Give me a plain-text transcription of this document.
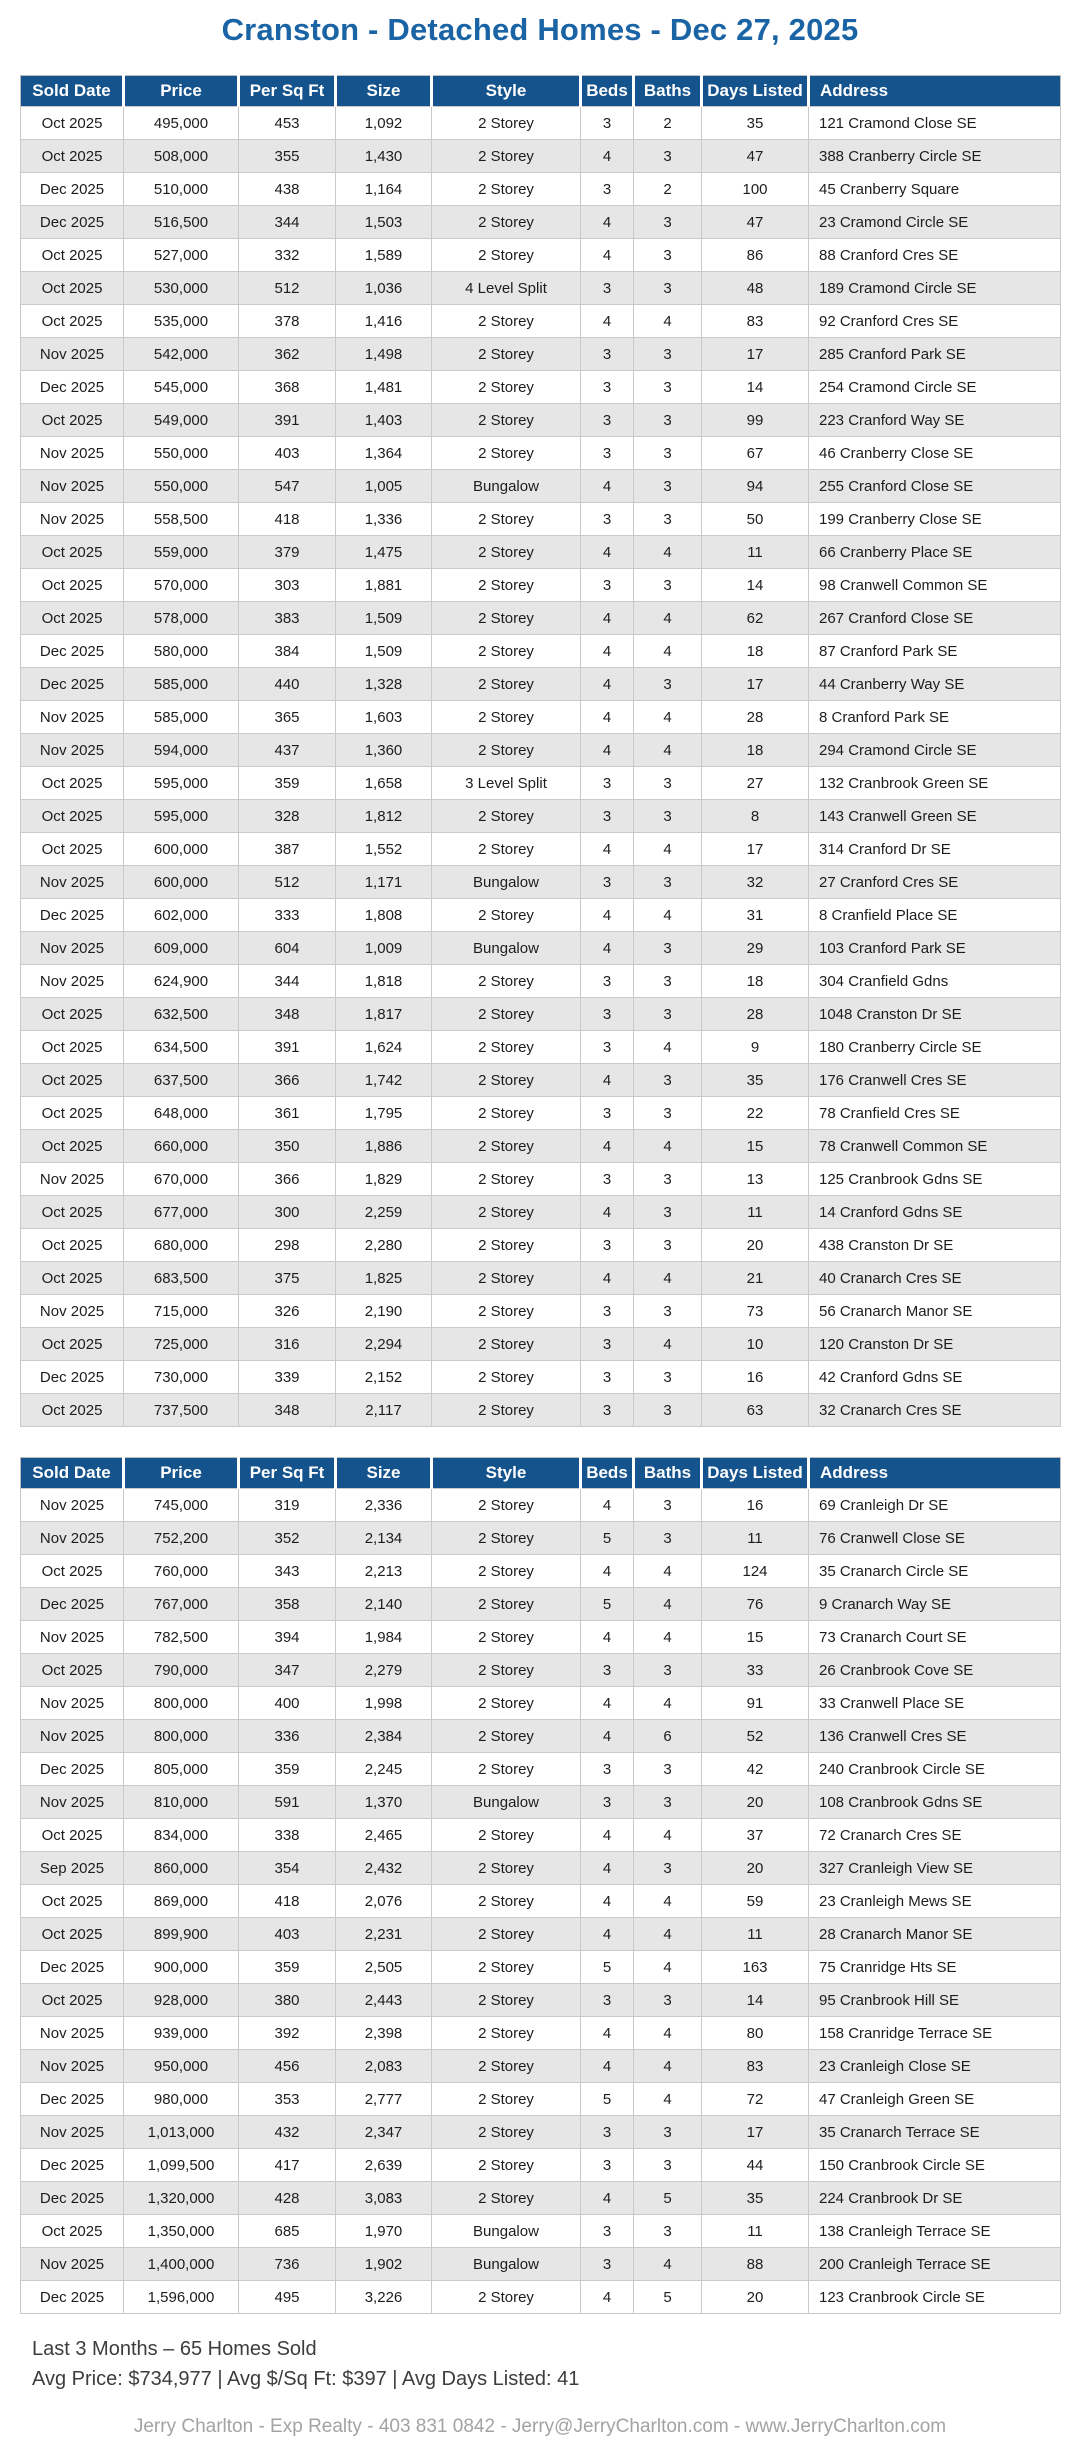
Cranston - Detached Homes - Dec 27, 2025
Sold Date	Price	Per Sq Ft	Size	Style	Beds	Baths	Days Listed	Address
Oct 2025	495,000	453	1,092	2 Storey	3	2	35	121 Cramond Close SE
Oct 2025	508,000	355	1,430	2 Storey	4	3	47	388 Cranberry Circle SE
Dec 2025	510,000	438	1,164	2 Storey	3	2	100	45 Cranberry Square
Dec 2025	516,500	344	1,503	2 Storey	4	3	47	23 Cramond Circle SE
Oct 2025	527,000	332	1,589	2 Storey	4	3	86	88 Cranford Cres SE
Oct 2025	530,000	512	1,036	4 Level Split	3	3	48	189 Cramond Circle SE
Oct 2025	535,000	378	1,416	2 Storey	4	4	83	92 Cranford Cres SE
Nov 2025	542,000	362	1,498	2 Storey	3	3	17	285 Cranford Park SE
Dec 2025	545,000	368	1,481	2 Storey	3	3	14	254 Cramond Circle SE
Oct 2025	549,000	391	1,403	2 Storey	3	3	99	223 Cranford Way SE
Nov 2025	550,000	403	1,364	2 Storey	3	3	67	46 Cranberry Close SE
Nov 2025	550,000	547	1,005	Bungalow	4	3	94	255 Cranford Close SE
Nov 2025	558,500	418	1,336	2 Storey	3	3	50	199 Cranberry Close SE
Oct 2025	559,000	379	1,475	2 Storey	4	4	11	66 Cranberry Place SE
Oct 2025	570,000	303	1,881	2 Storey	3	3	14	98 Cranwell Common SE
Oct 2025	578,000	383	1,509	2 Storey	4	4	62	267 Cranford Close SE
Dec 2025	580,000	384	1,509	2 Storey	4	4	18	87 Cranford Park SE
Dec 2025	585,000	440	1,328	2 Storey	4	3	17	44 Cranberry Way SE
Nov 2025	585,000	365	1,603	2 Storey	4	4	28	8 Cranford Park SE
Nov 2025	594,000	437	1,360	2 Storey	4	4	18	294 Cramond Circle SE
Oct 2025	595,000	359	1,658	3 Level Split	3	3	27	132 Cranbrook Green SE
Oct 2025	595,000	328	1,812	2 Storey	3	3	8	143 Cranwell Green SE
Oct 2025	600,000	387	1,552	2 Storey	4	4	17	314 Cranford Dr SE
Nov 2025	600,000	512	1,171	Bungalow	3	3	32	27 Cranford Cres SE
Dec 2025	602,000	333	1,808	2 Storey	4	4	31	8 Cranfield Place SE
Nov 2025	609,000	604	1,009	Bungalow	4	3	29	103 Cranford Park SE
Nov 2025	624,900	344	1,818	2 Storey	3	3	18	304 Cranfield Gdns
Oct 2025	632,500	348	1,817	2 Storey	3	3	28	1048 Cranston Dr SE
Oct 2025	634,500	391	1,624	2 Storey	3	4	9	180 Cranberry Circle SE
Oct 2025	637,500	366	1,742	2 Storey	4	3	35	176 Cranwell Cres SE
Oct 2025	648,000	361	1,795	2 Storey	3	3	22	78 Cranfield Cres SE
Oct 2025	660,000	350	1,886	2 Storey	4	4	15	78 Cranwell Common SE
Nov 2025	670,000	366	1,829	2 Storey	3	3	13	125 Cranbrook Gdns SE
Oct 2025	677,000	300	2,259	2 Storey	4	3	11	14 Cranford Gdns SE
Oct 2025	680,000	298	2,280	2 Storey	3	3	20	438 Cranston Dr SE
Oct 2025	683,500	375	1,825	2 Storey	4	4	21	40 Cranarch Cres SE
Nov 2025	715,000	326	2,190	2 Storey	3	3	73	56 Cranarch Manor SE
Oct 2025	725,000	316	2,294	2 Storey	3	4	10	120 Cranston Dr SE
Dec 2025	730,000	339	2,152	2 Storey	3	3	16	42 Cranford Gdns SE
Oct 2025	737,500	348	2,117	2 Storey	3	3	63	32 Cranarch Cres SE
Sold Date	Price	Per Sq Ft	Size	Style	Beds	Baths	Days Listed	Address
Nov 2025	745,000	319	2,336	2 Storey	4	3	16	69 Cranleigh Dr SE
Nov 2025	752,200	352	2,134	2 Storey	5	3	11	76 Cranwell Close SE
Oct 2025	760,000	343	2,213	2 Storey	4	4	124	35 Cranarch Circle SE
Dec 2025	767,000	358	2,140	2 Storey	5	4	76	9 Cranarch Way SE
Nov 2025	782,500	394	1,984	2 Storey	4	4	15	73 Cranarch Court SE
Oct 2025	790,000	347	2,279	2 Storey	3	3	33	26 Cranbrook Cove SE
Nov 2025	800,000	400	1,998	2 Storey	4	4	91	33 Cranwell Place SE
Nov 2025	800,000	336	2,384	2 Storey	4	6	52	136 Cranwell Cres SE
Dec 2025	805,000	359	2,245	2 Storey	3	3	42	240 Cranbrook Circle SE
Nov 2025	810,000	591	1,370	Bungalow	3	3	20	108 Cranbrook Gdns SE
Oct 2025	834,000	338	2,465	2 Storey	4	4	37	72 Cranarch Cres SE
Sep 2025	860,000	354	2,432	2 Storey	4	3	20	327 Cranleigh View SE
Oct 2025	869,000	418	2,076	2 Storey	4	4	59	23 Cranleigh Mews SE
Oct 2025	899,900	403	2,231	2 Storey	4	4	11	28 Cranarch Manor SE
Dec 2025	900,000	359	2,505	2 Storey	5	4	163	75 Cranridge Hts SE
Oct 2025	928,000	380	2,443	2 Storey	3	3	14	95 Cranbrook Hill SE
Nov 2025	939,000	392	2,398	2 Storey	4	4	80	158 Cranridge Terrace SE
Nov 2025	950,000	456	2,083	2 Storey	4	4	83	23 Cranleigh Close SE
Dec 2025	980,000	353	2,777	2 Storey	5	4	72	47 Cranleigh Green SE
Nov 2025	1,013,000	432	2,347	2 Storey	3	3	17	35 Cranarch Terrace SE
Dec 2025	1,099,500	417	2,639	2 Storey	3	3	44	150 Cranbrook Circle SE
Dec 2025	1,320,000	428	3,083	2 Storey	4	5	35	224 Cranbrook Dr SE
Oct 2025	1,350,000	685	1,970	Bungalow	3	3	11	138 Cranleigh Terrace SE
Nov 2025	1,400,000	736	1,902	Bungalow	3	4	88	200 Cranleigh Terrace SE
Dec 2025	1,596,000	495	3,226	2 Storey	4	5	20	123 Cranbrook Circle SE
Last 3 Months – 65 Homes Sold
Avg Price: $734,977 | Avg $/Sq Ft: $397 | Avg Days Listed: 41
Jerry Charlton - Exp Realty - 403 831 0842 - Jerry@JerryCharlton.com - www.JerryCharlton.com
